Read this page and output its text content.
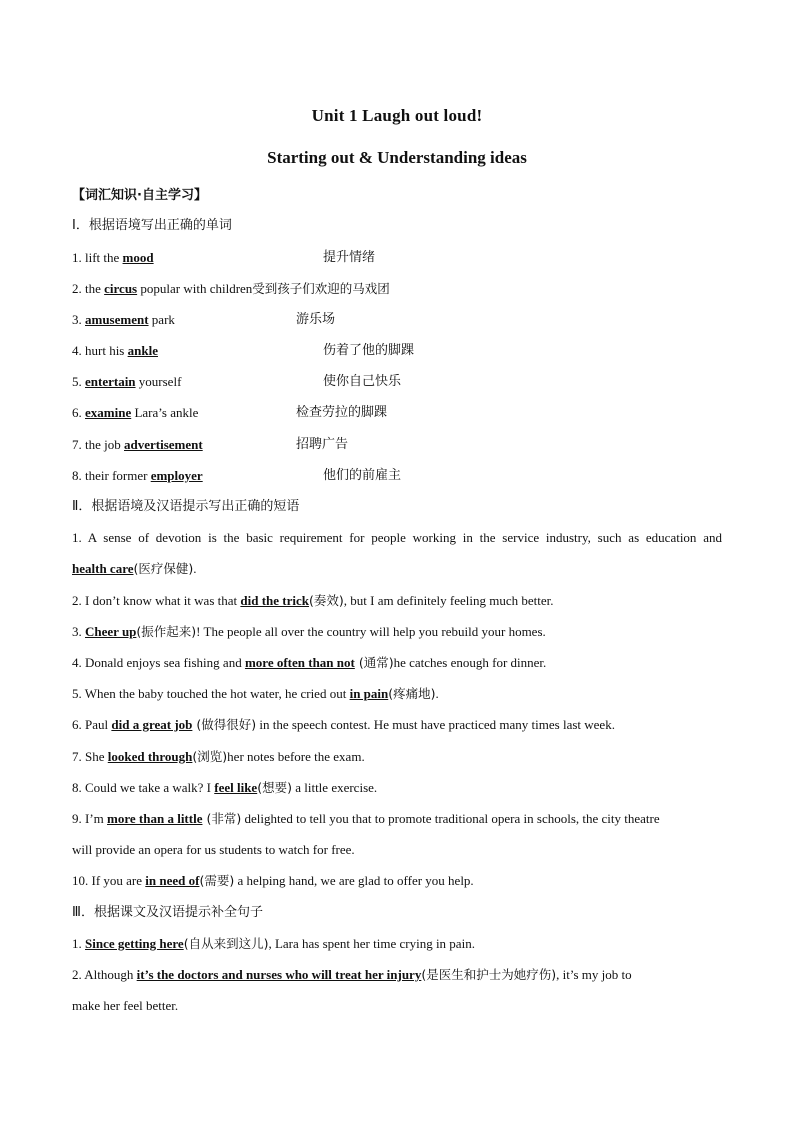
Unit 1 Laugh out loud!
Starting out & Understanding ideas
【词汇知识·自主学习】
Ⅰ．根据语境写出正确的单词
1. lift the mood	提升情绪
2. the circus popular with children受到孩子们欢迎的马戏团
3. amusement park	游乐场
4. hurt his ankle	伤着了他的脚踝
5. entertain yourself	使你自己快乐
6. examine Lara’s ankle	检查劳拉的脚踝
7. the job advertisement	招聘广告
8. their former employer	他们的前雇主
Ⅱ．根据语境及汉语提示写出正确的短语
1. A sense of devotion is the basic requirement for people working in the service industry, such as education and
health care(医疗保健).
2. I don’t know what it was that did the trick(奏效), but I am definitely feeling much better.
3. Cheer up(振作起来)! The people all over the country will help you rebuild your homes.
4. Donald enjoys sea fishing and more often than not (通常)he catches enough for dinner.
5. When the baby touched the hot water, he cried out in pain(疼痛地).
6. Paul did a great job (做得很好) in the speech contest. He must have practiced many times last week.
7. She looked through(浏览)her notes before the exam.
8. Could we take a walk? I feel like(想要) a little exercise.
9. I’m more than a little (非常) delighted to tell you that to promote traditional opera in schools, the city theatre
will provide an opera for us students to watch for free.
10. If you are in need of(需要) a helping hand, we are glad to offer you help.
Ⅲ．根据课文及汉语提示补全句子
1. Since getting here(自从来到这儿), Lara has spent her time crying in pain.
2. Although it’s the doctors and nurses who will treat her injury(是医生和护士为她疗伤), it’s my job to
make her feel better.
